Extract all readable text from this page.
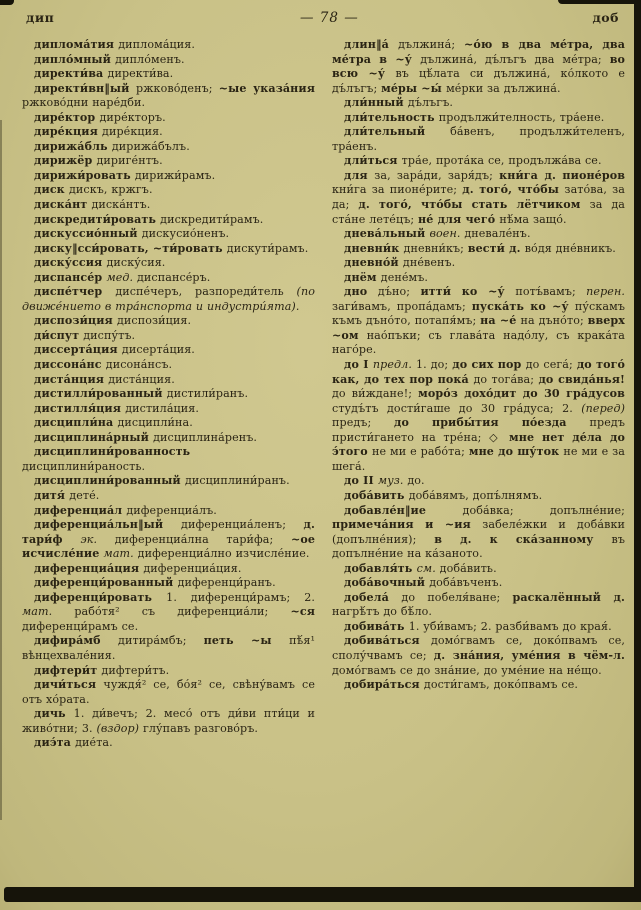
дип	— 78 —	доб

диплома́тия диплома́ция.

дипло́мный дипло́менъ.

директи́ва директи́ва.

директи́вн‖ый ржково́денъ; ~ые указа́ния ржково́дни наре́дби.

дире́ктор дире́кторъ.

дире́кция дире́кция.

дирижа́бль дирижа́бълъ.

дирижёр дириге́нтъ.

дирижи́ровать дирижи́рамъ.

диск дискъ, кржгъ.

диска́нт диска́нтъ.

дискредити́ровать дискредити́рамъ.

дискуссио́нный дискусио́ненъ.

диску‖сси́ровать, ~ти́ровать дискути́рамъ.

диску́ссия диску́сия.

диспансе́р мед. диспансе́ръ.

диспе́тчер диспе́черъ, разпореди́тель (по движе́нието в тра́нспорта и индустри́ята).

диспози́ция диспози́ция.

ди́спут диспу́тъ.

диссерта́ция дисерта́ция.

диссона́нс дисона́нсъ.

диста́нция диста́нция.

дистилли́рованный дистили́ранъ.

дистилля́ция дистила́ция.

дисципли́на дисципли́на.

дисциплина́рный дисциплина́ренъ.

дисциплини́рованность дисциплини́раность.

дисциплини́рованный дисциплини́ранъ.

дитя́ дете́.

диференциа́л диференциа́лъ.

диференциа́льн‖ый диференциа́ленъ; д. тари́ф эк. диференциа́лна тари́фа; ~ое исчисле́ние мат. диференциа́лно изчисле́ние.

диференциа́ция диференциа́ция.

диференци́рованный диференци́ранъ.

диференци́ровать 1. диференци́рамъ; 2. мат. рабо́тя² съ диференциа́ли; ~ся диференци́рамъ се.

дифира́мб дитира́мбъ; петь ~ы пѣ́я¹ вѣнцехвале́ния.

дифтери́т дифтери́тъ.

дичи́ться чуждя́² се, бо́я² се, свѣну́вамъ се отъ хо́рата.

дичь 1. ди́вечъ; 2. месо́ отъ ди́ви пти́ци и живо́тни; 3. (вздор) глу́павъ разгово́ръ.

диэ́та дие́та.

длин‖а́ дължина́; ~о́ю в два ме́тра, два ме́тра в ~у́ дължина́, дъ́лъгъ два ме́тра; во всю ~у́ въ цѣ́лата си дължина́, ко́лкото е дъ́лъгъ; ме́ры ~ы́ ме́рки за дължина́.

дли́нный дъ́лъгъ.

дли́тельность продължи́телность, тра́ене.

дли́тельный ба́венъ, продължи́теленъ, тра́енъ.

дли́ться тра́е, прота́ка се, продължа́ва се.

для за, зара́ди, заря́дъ; кни́га д. пионе́ров кни́га за пионе́рите; д. того́, что́бы зато́ва, за да; д. того́, что́бы стать лётчиком за да ста́не лете́цъ; не́ для чего́ нѣ́ма защо́.

днева́льный воен. дневале́нъ.

дневни́к дневни́къ; вести́ д. во́дя дне́вникъ.

дневно́й дне́венъ.

днём дене́мъ.

дно дъ́но; итти́ ко ~у́ потъ́вамъ; перен. заги́вамъ, пропа́дамъ; пуска́ть ко ~у́ пу́скамъ къмъ дъно́то, потапя́мъ; на ~е́ на дъно́то; вверх ~ом нао́пъки; съ глава́та надо́лу, съ крака́та наго́ре.

до I предл. 1. до; до сих пор до сега́; до того́ как, до тех пор пока́ до тога́ва; до свида́нья! до ви́ждане!; моро́з дохо́дит до 30 гра́дусов студъ́тъ дости́гаше до 30 гра́дуса; 2. (перед) предъ; до прибы́тия по́езда предъ присти́гането на тре́на; ◇ мне нет де́ла до э́того не ми е рабо́та; мне до шу́ток не ми е за шега́.

до II муз. до.

доба́вить доба́вямъ, допъ́лнямъ.

добавле́н‖ие доба́вка; допълне́ние; примеча́ния и ~ия забеле́жки и доба́вки (допълне́ния); в д. к ска́занному въ допълне́ние на ка́заното.

добавля́ть см. доба́вить.

доба́вочный доба́въченъ.

добела́ до побеля́ване; раскалённый д. нагрѣ́тъ до бѣ́ло.

добива́ть 1. уби́вамъ; 2. разби́вамъ до края́.

добива́ться домо́гвамъ се, доко́пвамъ се, сполу́чвамъ се; д. зна́ния, уме́ния в чём-л. домо́гвамъ се до зна́ние, до уме́ние на не́що.

добира́ться дости́гамъ, доко́пвамъ се.
